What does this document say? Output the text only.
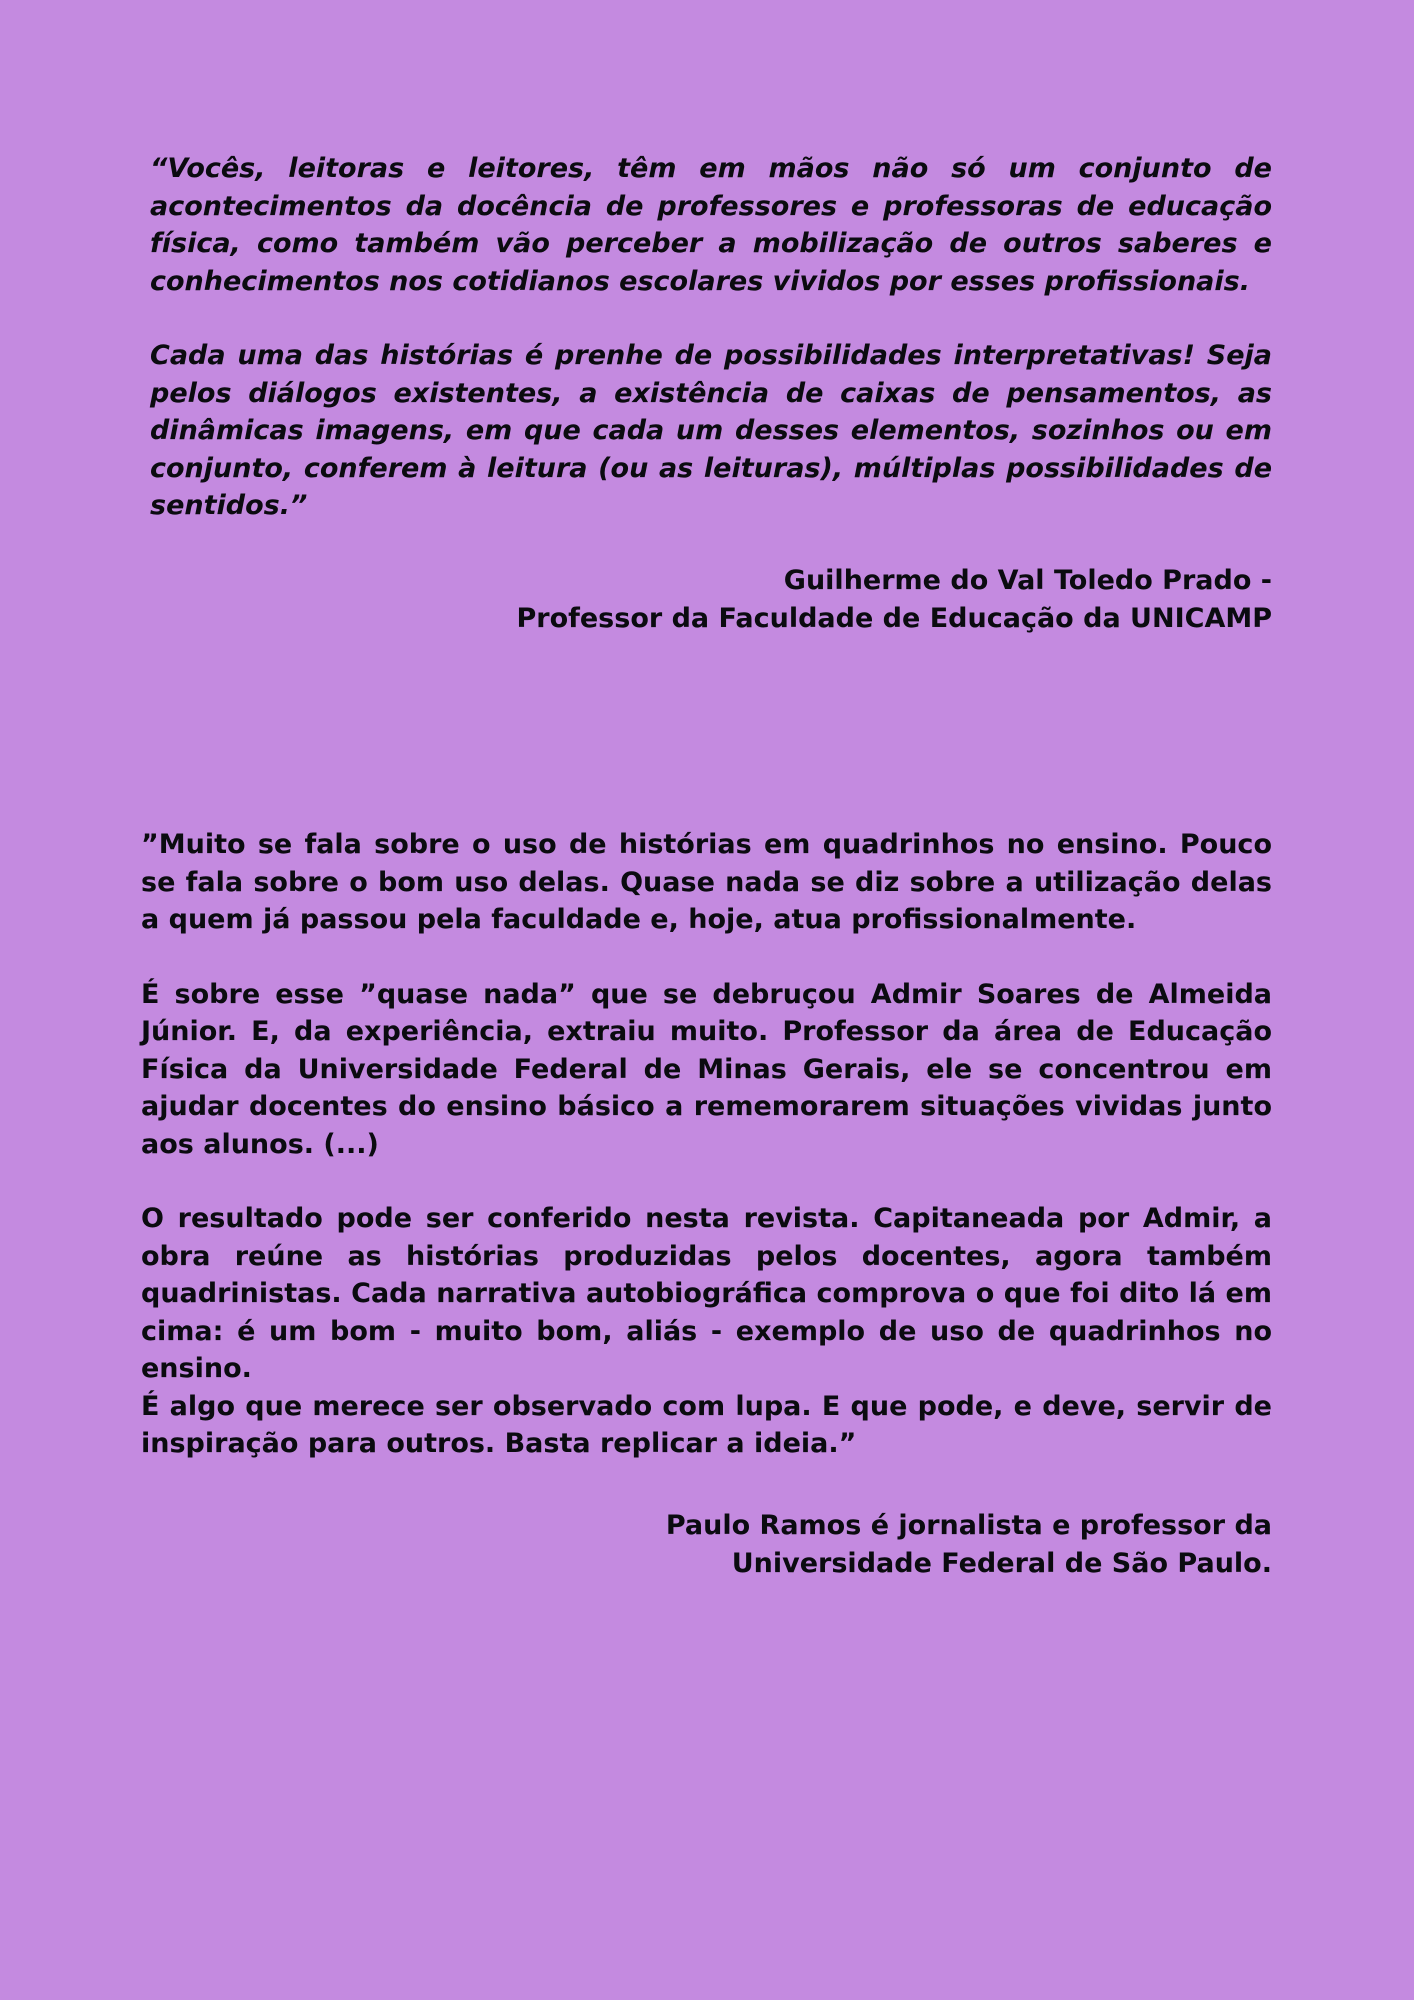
“Vocês, leitoras e leitores, têm em mãos não só um conjunto de acontecimentos da docência de professores e professoras de educação física, como também vão perceber a mobilização de outros saberes e conhecimentos nos cotidianos escolares vividos por esses profissionais.

Cada uma das histórias é prenhe de possibilidades interpretativas! Seja pelos diálogos existentes, a existência de caixas de pensamentos, as dinâmicas imagens, em que cada um desses elementos, sozinhos ou em conjunto, conferem à leitura (ou as leituras), múltiplas possibilidades de sentidos.”

Guilherme do Val Toledo Prado -

Professor da Faculdade de Educação da UNICAMP

”Muito se fala sobre o uso de histórias em quadrinhos no ensino. Pouco se fala sobre o bom uso delas. Quase nada se diz sobre a utilização delas a quem já passou pela faculdade e, hoje, atua profissionalmente.

É sobre esse ”quase nada” que se debruçou Admir Soares de Almeida Júnior. E, da experiência, extraiu muito. Professor da área de Educação Física da Universidade Federal de Minas Gerais, ele se concentrou em ajudar docentes do ensino básico a rememorarem situações vividas junto aos alunos. (...)

O resultado pode ser conferido nesta revista. Capitaneada por Admir, a obra reúne as histórias produzidas pelos docentes, agora também quadrinistas. Cada narrativa autobiográfica comprova o que foi dito lá em cima: é um bom - muito bom, aliás - exemplo de uso de quadrinhos no ensino.

É algo que merece ser observado com lupa. E que pode, e deve, servir de inspiração para outros. Basta replicar a ideia.”

Paulo Ramos é jornalista e professor da

Universidade Federal de São Paulo.
